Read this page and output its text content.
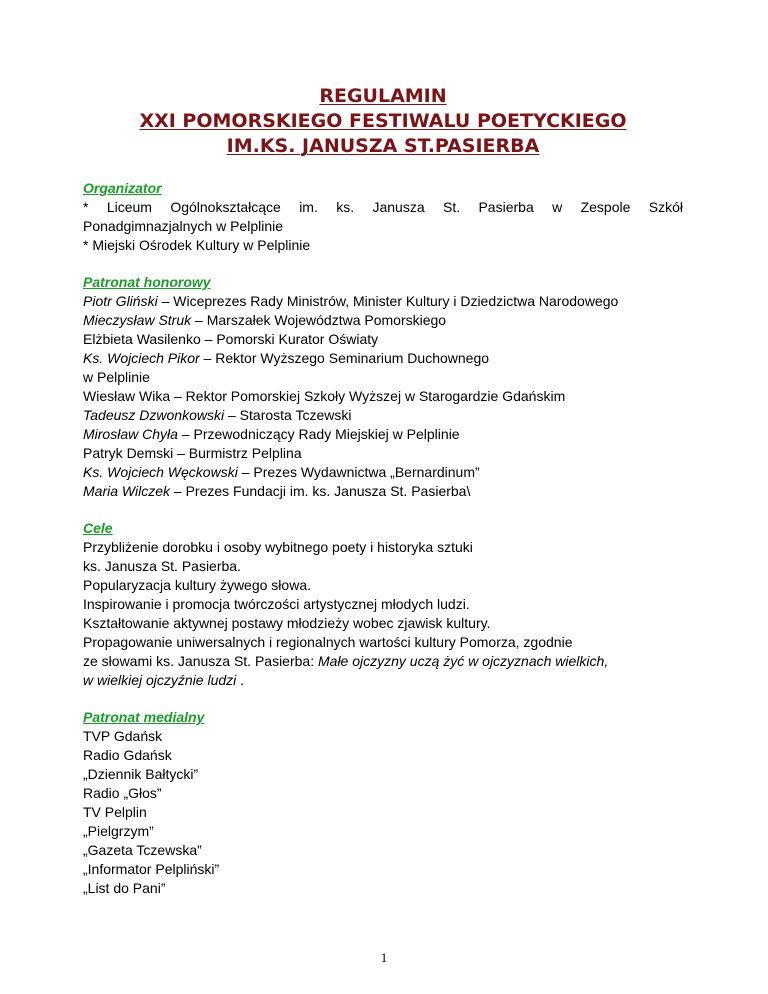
REGULAMIN
XXI POMORSKIEGO FESTIWALU POETYCKIEGO
IM.KS. JANUSZA ST.PASIERBA
Organizator
* Liceum Ogólnokształcące im. ks. Janusza St. Pasierba w Zespole Szkół
Ponadgimnazjalnych w Pelplinie
* Miejski Ośrodek Kultury w Pelplinie
Patronat honorowy
Piotr Gliński – Wiceprezes Rady Ministrów, Minister Kultury i Dziedzictwa Narodowego
Mieczysław Struk – Marszałek Województwa Pomorskiego
Elżbieta Wasilenko – Pomorski Kurator Oświaty
Ks. Wojciech Pikor – Rektor Wyższego Seminarium Duchownego
w Pelplinie
Wiesław Wika – Rektor Pomorskiej Szkoły Wyższej w Starogardzie Gdańskim
Tadeusz Dzwonkowski – Starosta Tczewski
Mirosław Chyła – Przewodniczący Rady Miejskiej w Pelplinie
Patryk Demski – Burmistrz Pelplina
Ks. Wojciech Węckowski – Prezes Wydawnictwa „Bernardinum”
Maria Wilczek – Prezes Fundacji im. ks. Janusza St. Pasierba\
Cele
Przybliżenie dorobku i osoby wybitnego poety i historyka sztuki
ks. Janusza St. Pasierba.
Popularyzacja kultury żywego słowa.
Inspirowanie i promocja twórczości artystycznej młodych ludzi.
Kształtowanie aktywnej postawy młodzieży wobec zjawisk kultury.
Propagowanie uniwersalnych i regionalnych wartości kultury Pomorza, zgodnie
ze słowami ks. Janusza St. Pasierba: Małe ojczyzny uczą żyć w ojczyznach wielkich,
w wielkiej ojczyźnie ludzi .
Patronat medialny
TVP Gdańsk
Radio Gdańsk
„Dziennik Bałtycki”
Radio „Głos”
TV Pelplin
„Pielgrzym”
„Gazeta Tczewska”
„Informator Pelpliński”
„List do Pani”
1
